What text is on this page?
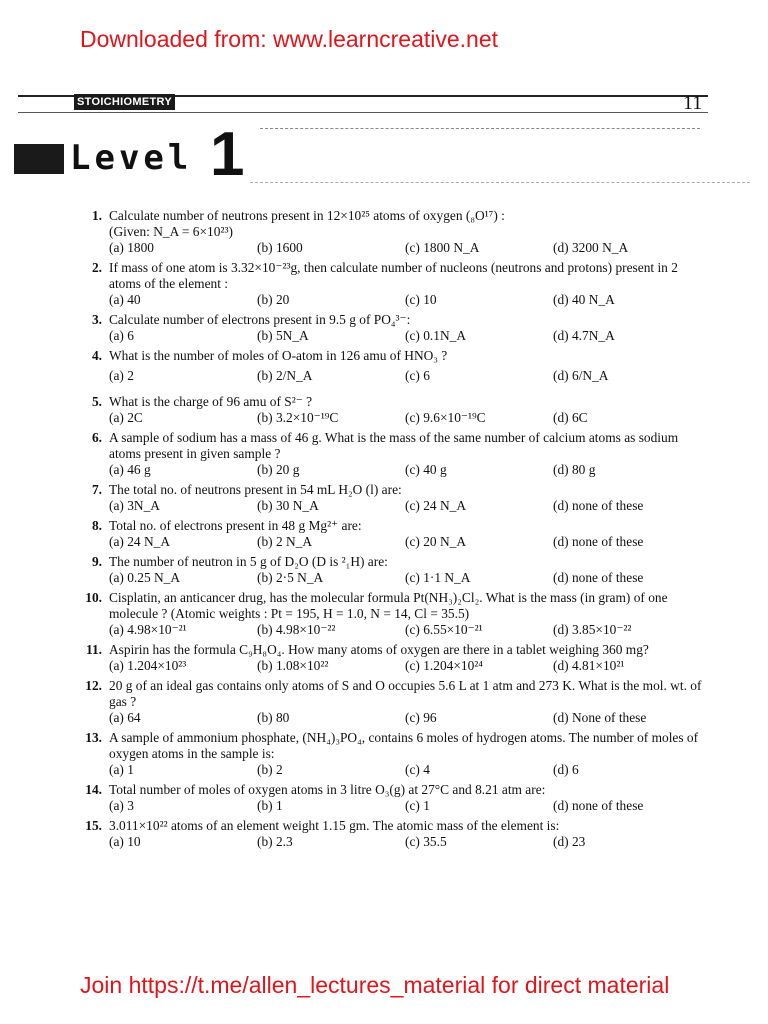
Downloaded from: www.learncreative.net
STOICHIOMETRY	11
Level 1
1. Calculate number of neutrons present in 12×10²⁵ atoms of oxygen (₈O¹⁷) :
(Given: N_A = 6×10²³)
(a) 1800	(b) 1600	(c) 1800 N_A	(d) 3200 N_A
2. If mass of one atom is 3.32×10⁻²³g, then calculate number of nucleons (neutrons and protons) present in 2 atoms of the element :
(a) 40	(b) 20	(c) 10	(d) 40 N_A
3. Calculate number of electrons present in 9.5 g of PO₄³⁻:
(a) 6	(b) 5N_A	(c) 0.1N_A	(d) 4.7N_A
4. What is the number of moles of O-atom in 126 amu of HNO₃ ?
(a) 2	(b) 2/N_A	(c) 6	(d) 6/N_A
5. What is the charge of 96 amu of S²⁻ ?
(a) 2C	(b) 3.2×10⁻¹⁹C	(c) 9.6×10⁻¹⁹C	(d) 6C
6. A sample of sodium has a mass of 46 g. What is the mass of the same number of calcium atoms as sodium atoms present in given sample ?
(a) 46 g	(b) 20 g	(c) 40 g	(d) 80 g
7. The total no. of neutrons present in 54 mL H₂O (l) are:
(a) 3N_A	(b) 30 N_A	(c) 24 N_A	(d) none of these
8. Total no. of electrons present in 48 g Mg²⁺ are:
(a) 24 N_A	(b) 2 N_A	(c) 20 N_A	(d) none of these
9. The number of neutron in 5 g of D₂O (D is ²₁H) are:
(a) 0.25 N_A	(b) 2·5 N_A	(c) 1·1 N_A	(d) none of these
10. Cisplatin, an anticancer drug, has the molecular formula Pt(NH₃)₂Cl₂. What is the mass (in gram) of one molecule ? (Atomic weights : Pt = 195, H = 1.0, N = 14, Cl = 35.5)
(a) 4.98×10⁻²¹	(b) 4.98×10⁻²²	(c) 6.55×10⁻²¹	(d) 3.85×10⁻²²
11. Aspirin has the formula C₉H₈O₄. How many atoms of oxygen are there in a tablet weighing 360 mg?
(a) 1.204×10²³	(b) 1.08×10²²	(c) 1.204×10²⁴	(d) 4.81×10²¹
12. 20 g of an ideal gas contains only atoms of S and O occupies 5.6 L at 1 atm and 273 K. What is the mol. wt. of gas ?
(a) 64	(b) 80	(c) 96	(d) None of these
13. A sample of ammonium phosphate, (NH₄)₃PO₄, contains 6 moles of hydrogen atoms. The number of moles of oxygen atoms in the sample is:
(a) 1	(b) 2	(c) 4	(d) 6
14. Total number of moles of oxygen atoms in 3 litre O₃(g) at 27°C and 8.21 atm are:
(a) 3	(b) 1	(c) 1	(d) none of these
15. 3.011×10²² atoms of an element weight 1.15 gm. The atomic mass of the element is:
(a) 10	(b) 2.3	(c) 35.5	(d) 23
Join https://t.me/allen_lectures_material for direct material
